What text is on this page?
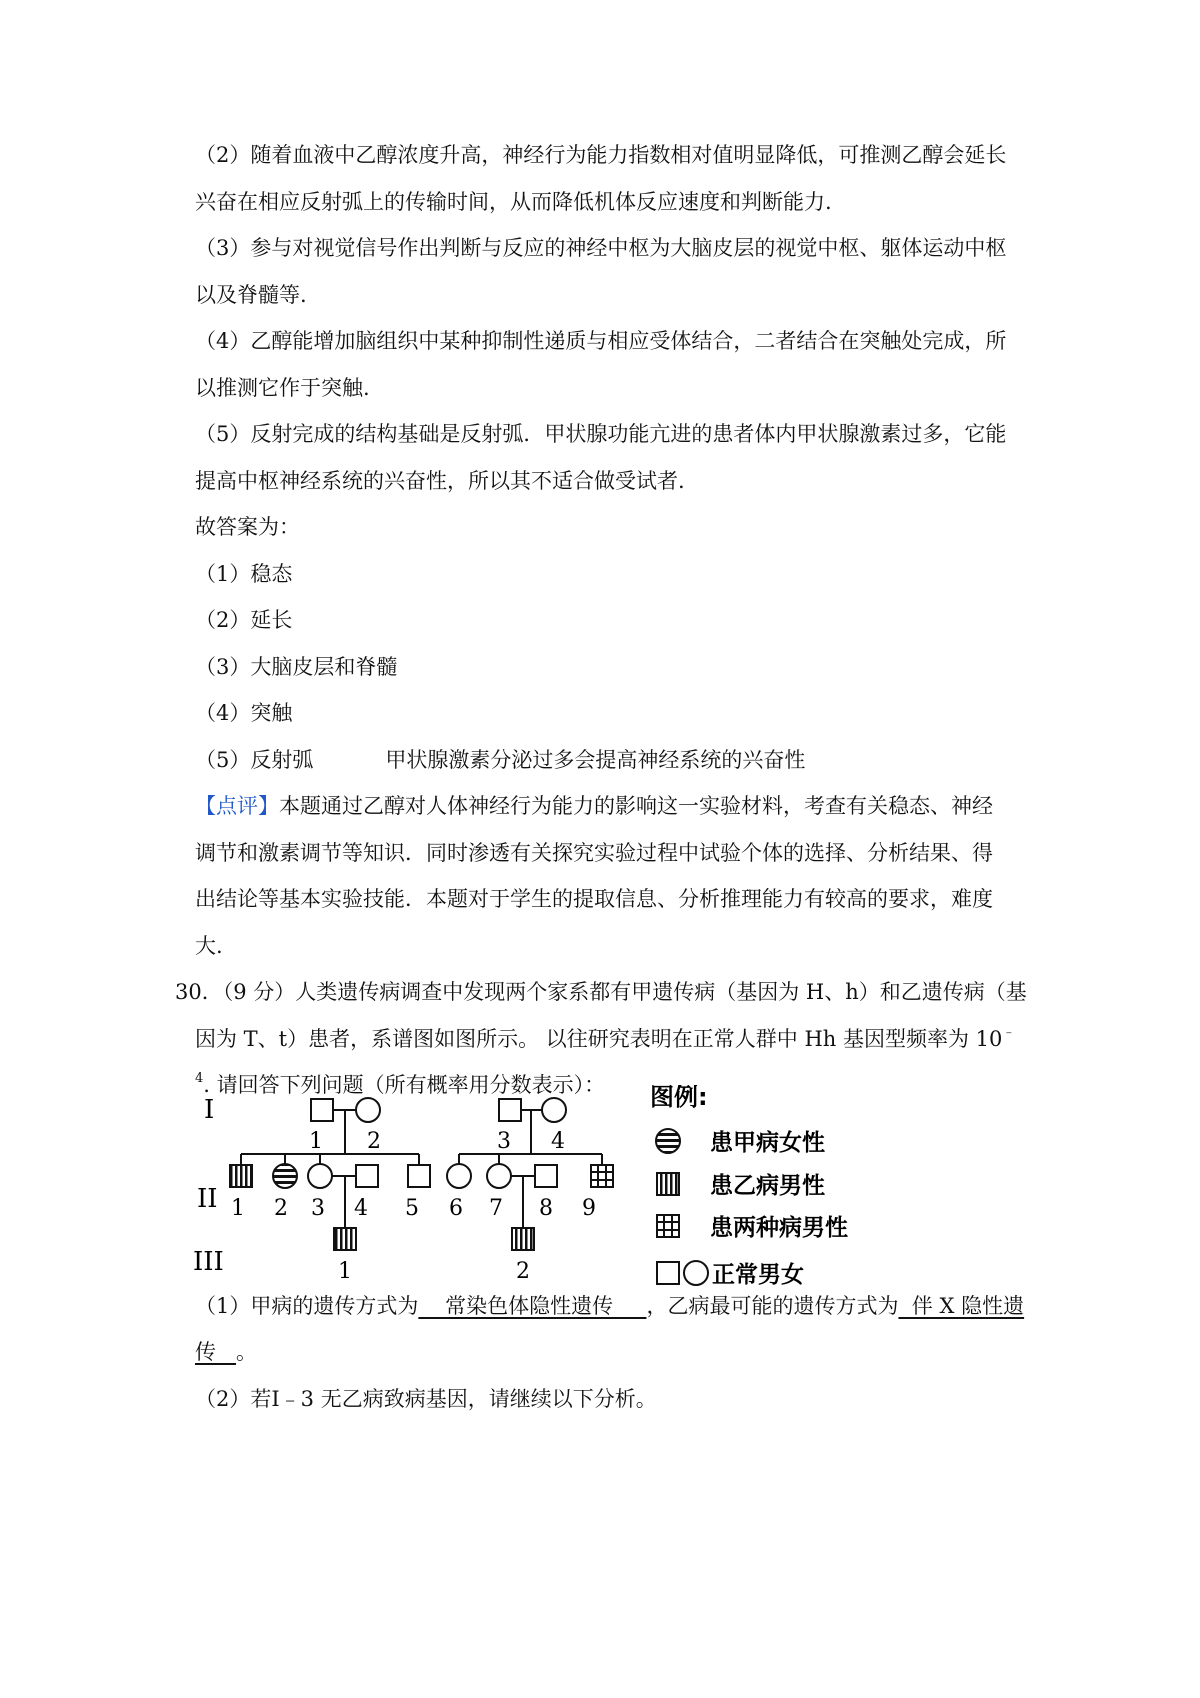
（2）随着血液中乙醇浓度升高，神经行为能力指数相对值明显降低，可推测乙醇会延长
兴奋在相应反射弧上的传输时间，从而降低机体反应速度和判断能力.
（3）参与对视觉信号作出判断与反应的神经中枢为大脑皮层的视觉中枢、躯体运动中枢
以及脊髓等.
（4）乙醇能增加脑组织中某种抑制性递质与相应受体结合，二者结合在突触处完成，所
以推测它作于突触.
（5）反射完成的结构基础是反射弧．甲状腺功能亢进的患者体内甲状腺激素过多，它能
提高中枢神经系统的兴奋性，所以其不适合做受试者.
故答案为：
（1）稳态
（2）延长
（3）大脑皮层和脊髓
（4）突触
（5）反射弧	甲状腺激素分泌过多会提高神经系统的兴奋性
【点评】本题通过乙醇对人体神经行为能力的影响这一实验材料，考查有关稳态、神经
调节和激素调节等知识．同时渗透有关探究实验过程中试验个体的选择、分析结果、得
出结论等基本实验技能．本题对于学生的提取信息、分析推理能力有较高的要求，难度
大.
30．（9 分）人类遗传病调查中发现两个家系都有甲遗传病（基因为 H、h）和乙遗传病（基
因为 T、t）患者，系谱图如图所示。 以往研究表明在正常人群中 Hh 基因型频率为 10﹣
$^4$. 请回答下列问题（所有概率用分数表示）：
I
II
III
1 2	3 4
1 2 3 4 5 6 7 8 9
1	2
图例:
患甲病女性
患乙病男性
患两种病男性
正常男女
（1）甲病的遗传方式为    常染色体隐性遗传     ，乙病最可能的遗传方式为  伴 X 隐性遗
传   。
（2）若Ⅰ﹣3 无乙病致病基因，请继续以下分析。
